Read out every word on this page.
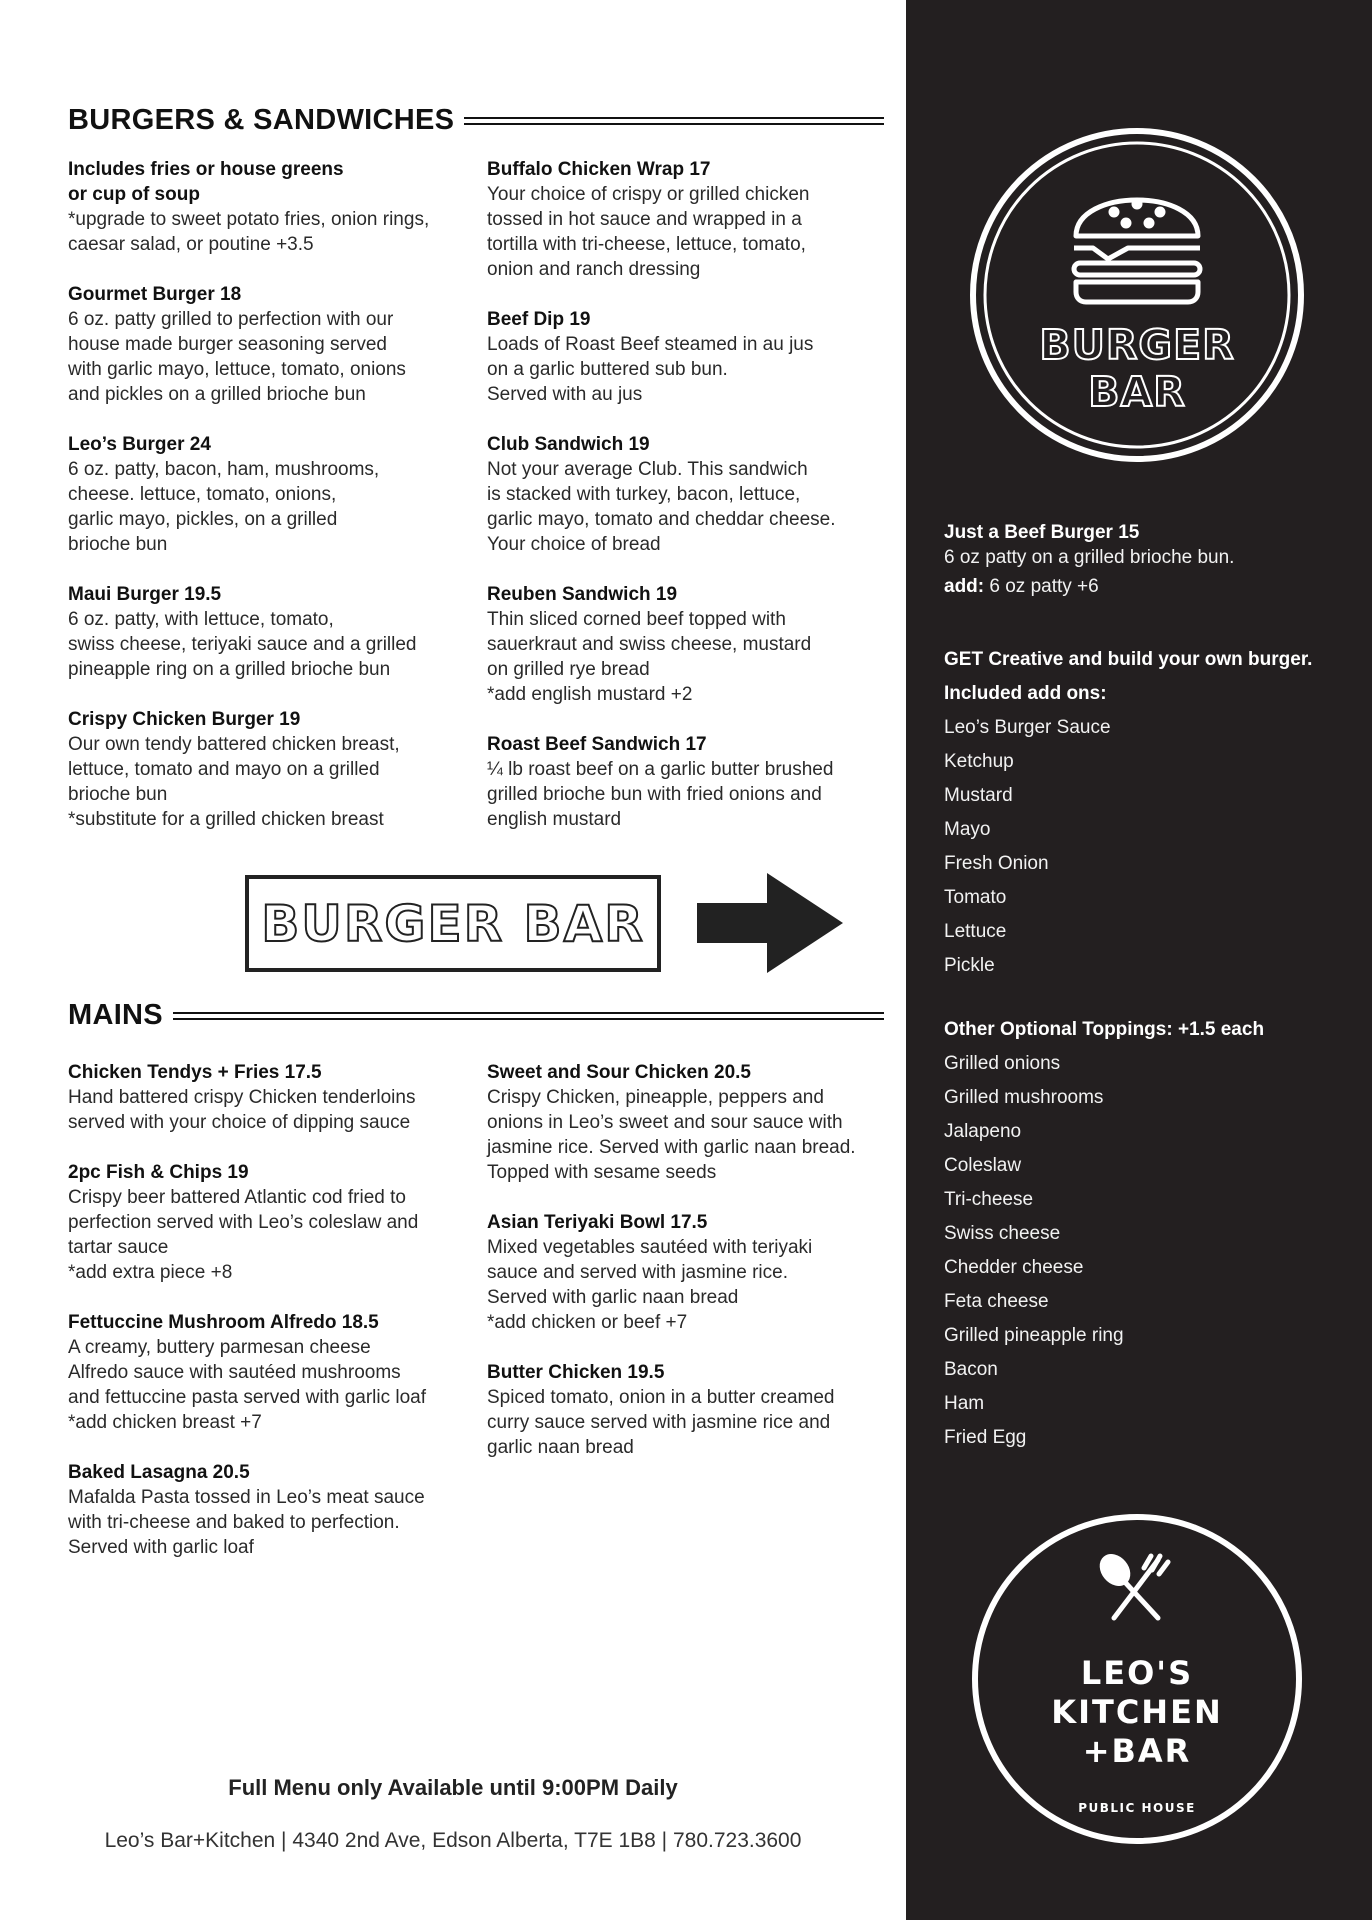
BURGERS & SANDWICHES

Includes fries or house greens
or cup of soup

*upgrade to sweet potato fries, onion rings,
caesar salad, or poutine +3.5

Gourmet Burger 18

6 oz. patty grilled to perfection with our
house made burger seasoning served
with garlic mayo, lettuce, tomato, onions
and pickles on a grilled brioche bun

Leo’s Burger 24

6 oz. patty, bacon, ham, mushrooms,
cheese. lettuce, tomato, onions,
garlic mayo, pickles, on a grilled
brioche bun

Maui Burger 19.5

6 oz. patty, with lettuce, tomato,
swiss cheese, teriyaki sauce and a grilled
pineapple ring on a grilled brioche bun

Crispy Chicken Burger 19

Our own tendy battered chicken breast,
lettuce, tomato and mayo on a grilled
brioche bun
*substitute for a grilled chicken breast

Buffalo Chicken Wrap 17

Your choice of crispy or grilled chicken
tossed in hot sauce and wrapped in a
tortilla with tri-cheese, lettuce, tomato,
onion and ranch dressing

Beef Dip 19

Loads of Roast Beef steamed in au jus
on a garlic buttered sub bun.
Served with au jus

Club Sandwich 19

Not your average Club. This sandwich
is stacked with turkey, bacon, lettuce,
garlic mayo, tomato and cheddar cheese.
Your choice of bread

Reuben Sandwich 19

Thin sliced corned beef topped with
sauerkraut and swiss cheese, mustard
on grilled rye bread
*add english mustard +2

Roast Beef Sandwich 17

¼ lb roast beef on a garlic butter brushed
grilled brioche bun with fried onions and
english mustard

BURGER BAR
MAINS

Chicken Tendys + Fries 17.5

Hand battered crispy Chicken tenderloins
served with your choice of dipping sauce

2pc Fish & Chips 19

Crispy beer battered Atlantic cod fried to
perfection served with Leo’s coleslaw and
tartar sauce
*add extra piece +8

Fettuccine Mushroom Alfredo 18.5

A creamy, buttery parmesan cheese
Alfredo sauce with sautéed mushrooms
and fettuccine pasta served with garlic loaf
*add chicken breast +7

Baked Lasagna 20.5

Mafalda Pasta tossed in Leo’s meat sauce
with tri-cheese and baked to perfection.
Served with garlic loaf

Sweet and Sour Chicken 20.5

Crispy Chicken, pineapple, peppers and
onions in Leo’s sweet and sour sauce with
jasmine rice. Served with garlic naan bread.
Topped with sesame seeds

Asian Teriyaki Bowl 17.5

Mixed vegetables sautéed with teriyaki
sauce and served with jasmine rice.
Served with garlic naan bread
*add chicken or beef +7

Butter Chicken 19.5

Spiced tomato, onion in a butter creamed
curry sauce served with jasmine rice and
garlic naan bread

Full Menu only Available until 9:00PM Daily
Leo’s Bar+Kitchen | 4340 2nd Ave, Edson Alberta, T7E 1B8 | 780.723.3600
BURGER
BAR
Just a Beef Burger 15
6 oz patty on a grilled brioche bun.
add: 6 oz patty +6
GET Creative and build your own burger.
Included add ons:
Leo’s Burger Sauce
Ketchup
Mustard
Mayo
Fresh Onion
Tomato
Lettuce
Pickle
Other Optional Toppings: +1.5 each
Grilled onions
Grilled mushrooms
Jalapeno
Coleslaw
Tri-cheese
Swiss cheese
Chedder cheese
Feta cheese
Grilled pineapple ring
Bacon
Ham
Fried Egg
LEO'S
KITCHEN
+BAR
PUBLIC HOUSE
